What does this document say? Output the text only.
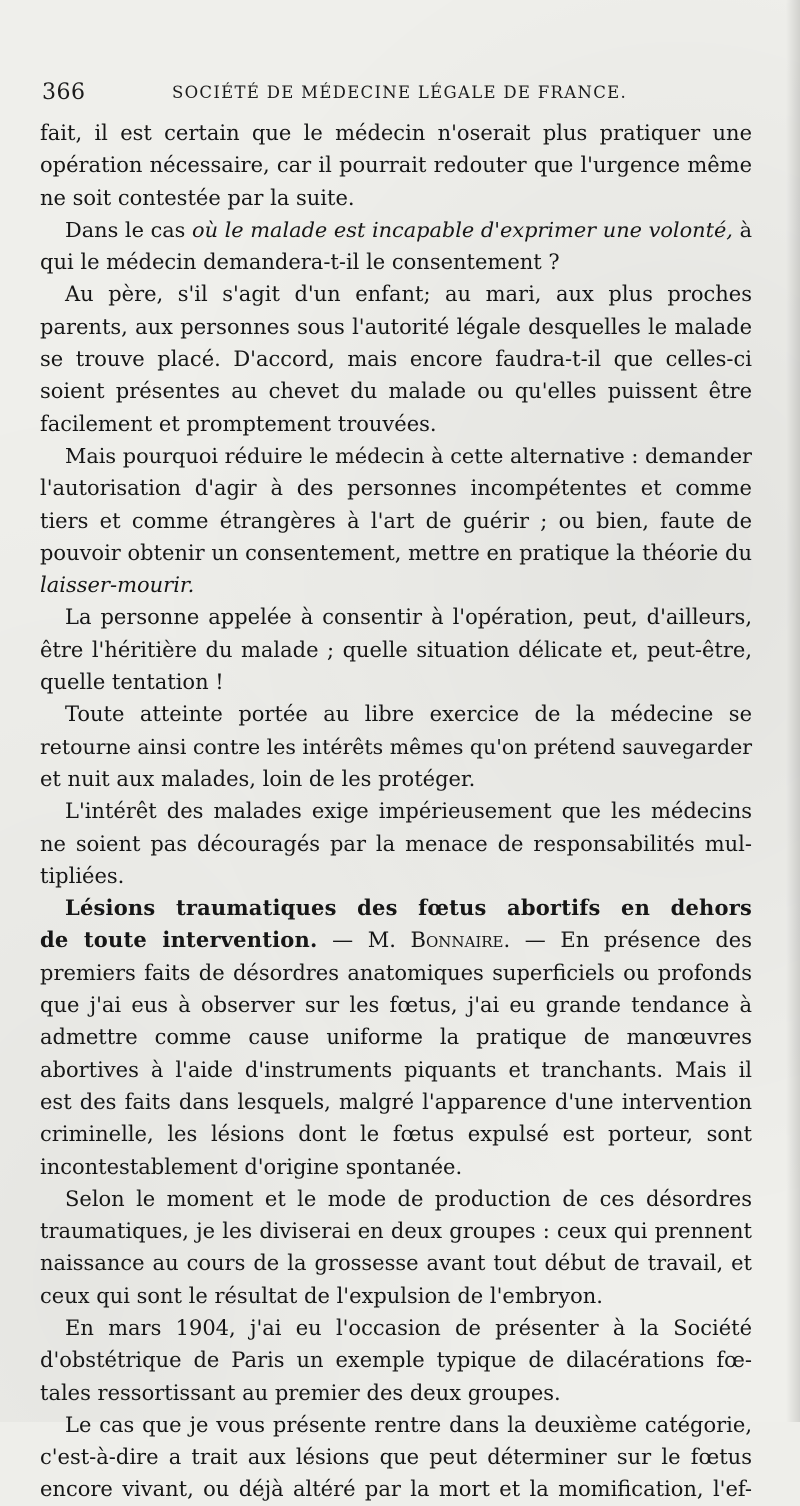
366	SOCIÉTÉ DE MÉDECINE LÉGALE DE FRANCE.
fait, il est certain que le médecin n'oserait plus pratiquer une
opération nécessaire, car il pourrait redouter que l'urgence même
ne soit contestée par la suite.
Dans le cas où le malade est incapable d'exprimer une volonté, à
qui le médecin demandera-t-il le consentement ?
Au père, s'il s'agit d'un enfant; au mari, aux plus proches
parents, aux personnes sous l'autorité légale desquelles le malade
se trouve placé. D'accord, mais encore faudra-t-il que celles-ci
soient présentes au chevet du malade ou qu'elles puissent être
facilement et promptement trouvées.
Mais pourquoi réduire le médecin à cette alternative : demander
l'autorisation d'agir à des personnes incompétentes et comme
tiers et comme étrangères à l'art de guérir ; ou bien, faute de
pouvoir obtenir un consentement, mettre en pratique la théorie du
laisser-mourir.
La personne appelée à consentir à l'opération, peut, d'ailleurs,
être l'héritière du malade ; quelle situation délicate et, peut-être,
quelle tentation !
Toute atteinte portée au libre exercice de la médecine se
retourne ainsi contre les intérêts mêmes qu'on prétend sauvegarder
et nuit aux malades, loin de les protéger.
L'intérêt des malades exige impérieusement que les médecins
ne soient pas découragés par la menace de responsabilités mul-
tipliées.
Lésions traumatiques des fœtus abortifs en dehors
de toute intervention. — M. Bonnaire. — En présence des
premiers faits de désordres anatomiques superficiels ou profonds
que j'ai eus à observer sur les fœtus, j'ai eu grande tendance à
admettre comme cause uniforme la pratique de manœuvres
abortives à l'aide d'instruments piquants et tranchants. Mais il
est des faits dans lesquels, malgré l'apparence d'une intervention
criminelle, les lésions dont le fœtus expulsé est porteur, sont
incontestablement d'origine spontanée.
Selon le moment et le mode de production de ces désordres
traumatiques, je les diviserai en deux groupes : ceux qui prennent
naissance au cours de la grossesse avant tout début de travail, et
ceux qui sont le résultat de l'expulsion de l'embryon.
En mars 1904, j'ai eu l'occasion de présenter à la Société
d'obstétrique de Paris un exemple typique de dilacérations fœ-
tales ressortissant au premier des deux groupes.
Le cas que je vous présente rentre dans la deuxième catégorie,
c'est-à-dire a trait aux lésions que peut déterminer sur le fœtus
encore vivant, ou déjà altéré par la mort et la momification, l'ef-
